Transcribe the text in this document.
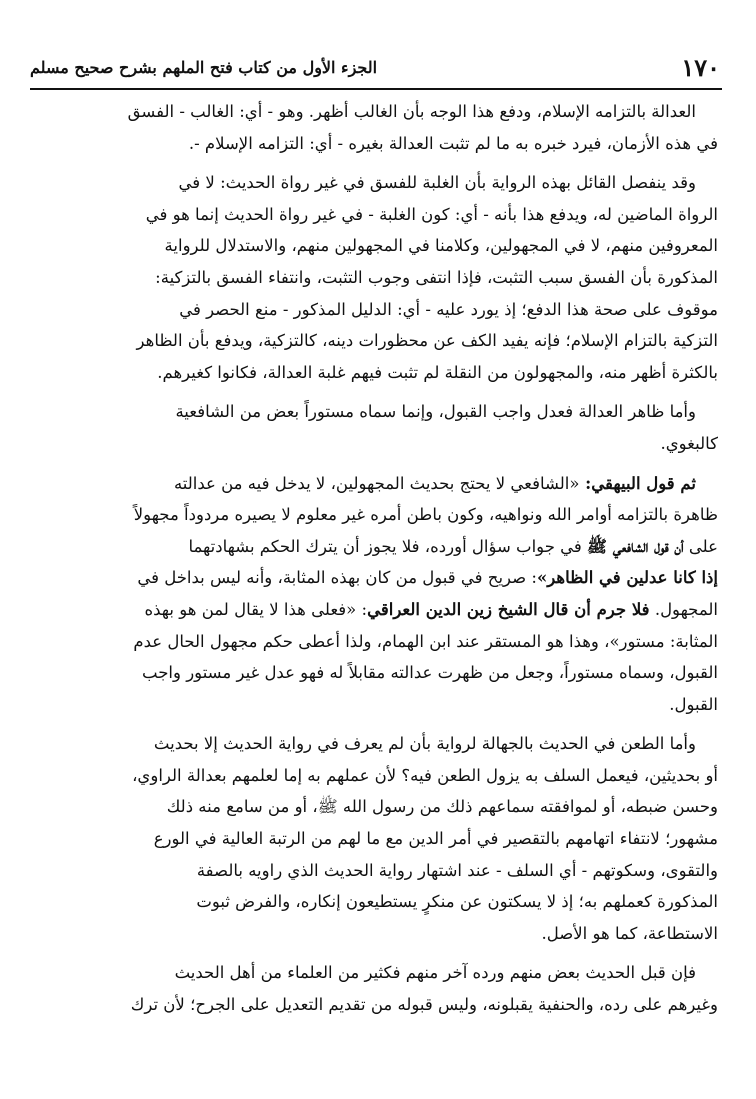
١٧٠
الجزء الأول من كتاب فتح الملهم بشرح صحيح مسلم
العدالة بالتزامه الإسلام، ودفع هذا الوجه بأن الغالب أظهر. وهو - أي: الغالب - الفسق
في هذه الأزمان، فيرد خبره به ما لم تثبت العدالة بغيره - أي: التزامه الإسلام -.
وقد ينفصل القائل بهذه الرواية بأن الغلبة للفسق في غير رواة الحديث: لا في
الرواة الماضين له، ويدفع هذا بأنه - أي: كون الغلبة - في غير رواة الحديث إنما هو في
المعروفين منهم، لا في المجهولين، وكلامنا في المجهولين منهم، والاستدلال للرواية
المذكورة بأن الفسق سبب التثبت، فإذا انتفى وجوب التثبت، وانتفاء الفسق بالتزكية:
موقوف على صحة هذا الدفع؛ إذ يورد عليه - أي: الدليل المذكور - منع الحصر في
التزكية بالتزام الإسلام؛ فإنه يفيد الكف عن محظورات دينه، كالتزكية، ويدفع بأن الظاهر
بالكثرة أظهر منه، والمجهولون من النقلة لم تثبت فيهم غلبة العدالة، فكانوا كغيرهم.
وأما ظاهر العدالة فعدل واجب القبول، وإنما سماه مستوراً بعض من الشافعية
كالبغوي.
ثم قول البيهقي: «الشافعي لا يحتج بحديث المجهولين، لا يدخل فيه من عدالته
ظاهرة بالتزامه أوامر الله ونواهيه، وكون باطن أمره غير معلوم لا يصيره مردوداً مجهولاً
على أن قول الشافعي ﷺ في جواب سؤال أورده، فلا يجوز أن يترك الحكم بشهادتهما
إذا كانا عدلين في الظاهر»: صريح في قبول من كان بهذه المثابة، وأنه ليس بداخل في
المجهول. فلا جرم أن قال الشيخ زين الدين العراقي: «فعلى هذا لا يقال لمن هو بهذه
المثابة: مستور»، وهذا هو المستقر عند ابن الهمام، ولذا أعطى حكم مجهول الحال عدم
القبول، وسماه مستوراً، وجعل من ظهرت عدالته مقابلاً له فهو عدل غير مستور واجب
القبول.
وأما الطعن في الحديث بالجهالة لرواية بأن لم يعرف في رواية الحديث إلا بحديث
أو بحديثين، فيعمل السلف به يزول الطعن فيه؟ لأن عملهم به إما لعلمهم بعدالة الراوي،
وحسن ضبطه، أو لموافقته سماعهم ذلك من رسول الله ﷺ، أو من سامع منه ذلك
مشهور؛ لانتفاء اتهامهم بالتقصير في أمر الدين مع ما لهم من الرتبة العالية في الورع
والتقوى، وسكوتهم - أي السلف - عند اشتهار رواية الحديث الذي راويه بالصفة
المذكورة كعملهم به؛ إذ لا يسكتون عن منكرٍ يستطيعون إنكاره، والفرض ثبوت
الاستطاعة، كما هو الأصل.
فإن قبل الحديث بعض منهم ورده آخر منهم فكثير من العلماء من أهل الحديث
وغيرهم على رده، والحنفية يقبلونه، وليس قبوله من تقديم التعديل على الجرح؛ لأن ترك
